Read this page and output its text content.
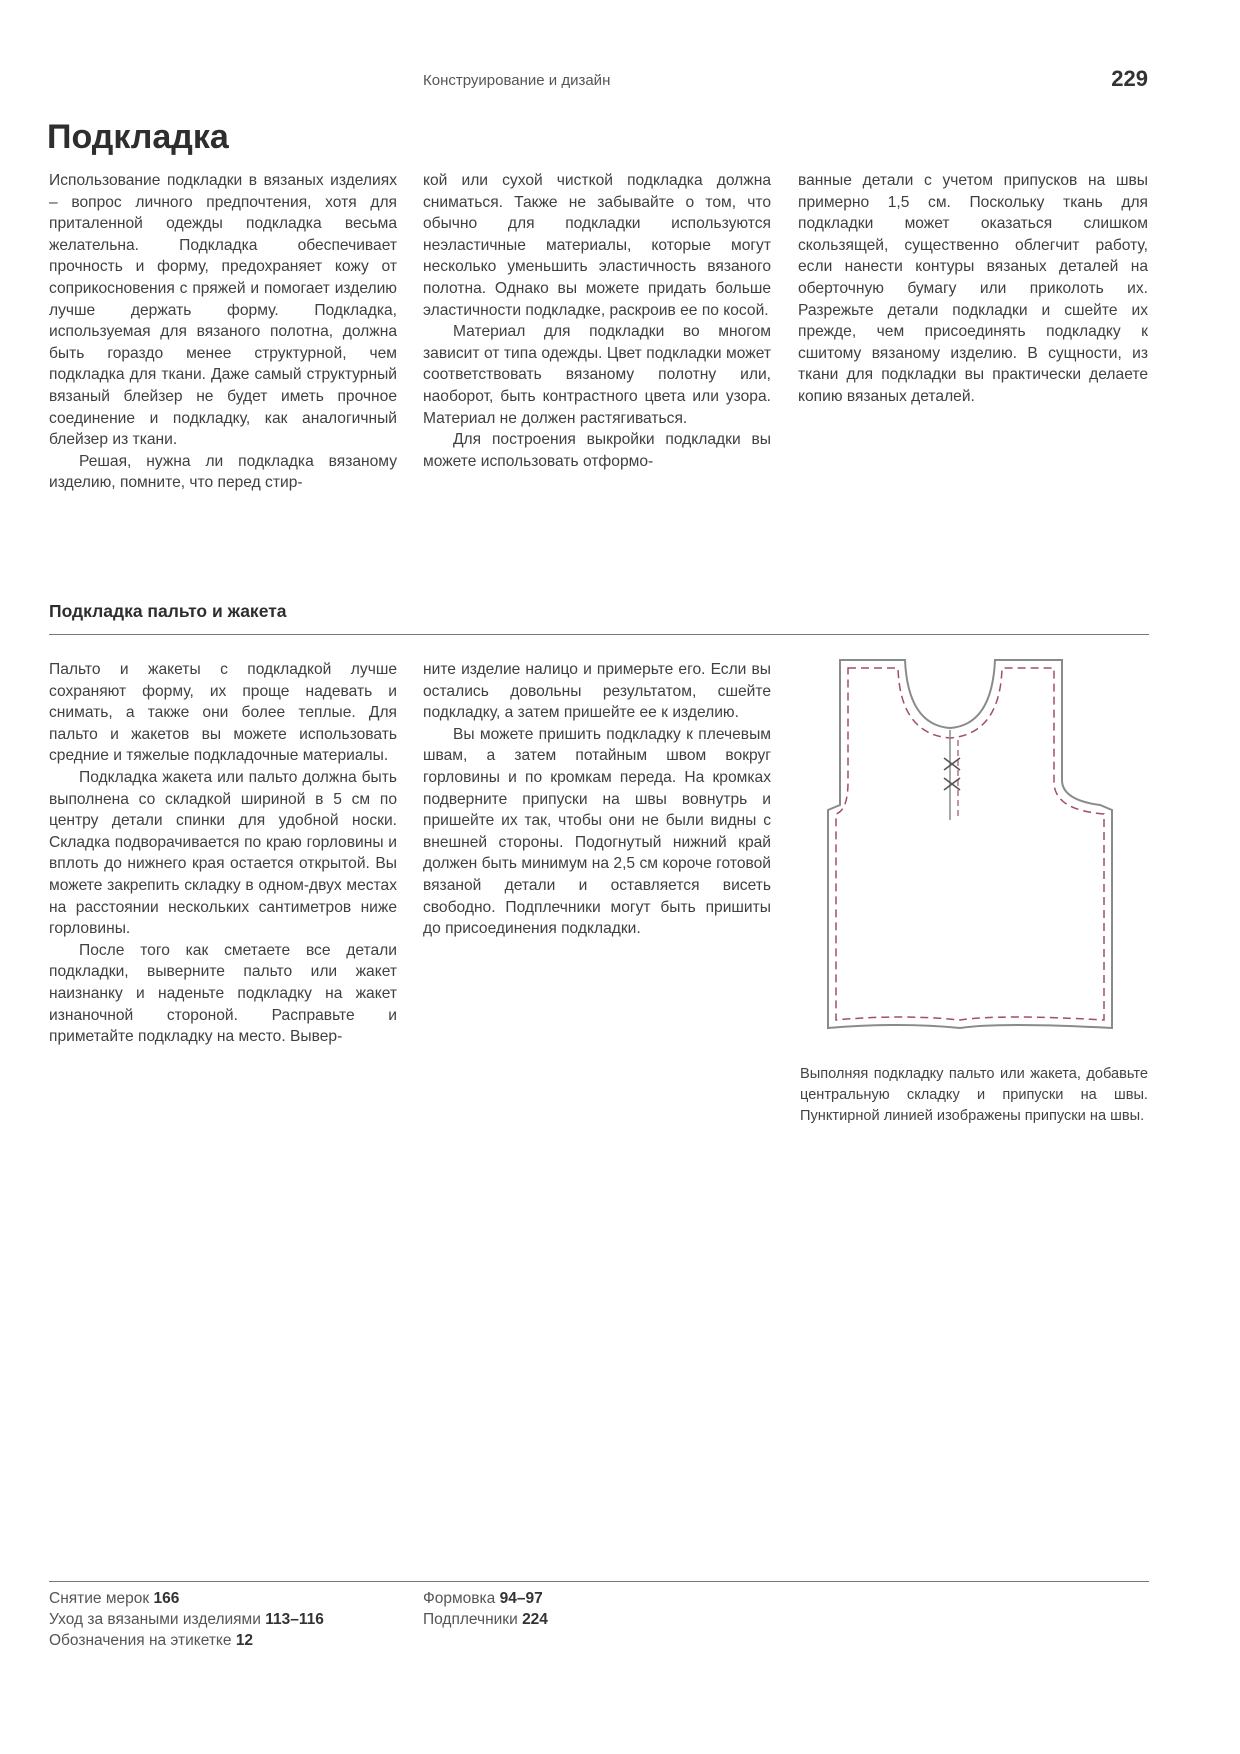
Конструирование и дизайн	229
Подкладка

Использование подкладки в вязаных изделиях – вопрос личного предпочтения, хотя для приталенной одежды подкладка весьма желательна. Подкладка обеспечивает прочность и форму, предохраняет кожу от соприкосновения с пряжей и помогает изделию лучше держать форму. Подкладка, используемая для вязаного полотна, должна быть гораздо менее структурной, чем подкладка для ткани. Даже самый структурный вязаный блейзер не будет иметь прочное соединение и подкладку, как аналогичный блейзер из ткани.

Решая, нужна ли подкладка вязаному изделию, помните, что перед стир-

кой или сухой чисткой подкладка должна сниматься. Также не забывайте о том, что обычно для подкладки используются неэластичные материалы, которые могут несколько уменьшить эластичность вязаного полотна. Однако вы можете придать больше эластичности подкладке, раскроив ее по косой.

Материал для подкладки во многом зависит от типа одежды. Цвет подкладки может соответствовать вязаному полотну или, наоборот, быть контрастного цвета или узора. Материал не должен растягиваться.

Для построения выкройки подкладки вы можете использовать отформо-

ванные детали с учетом припусков на швы примерно 1,5 см. Поскольку ткань для подкладки может оказаться слишком скользящей, существенно облегчит работу, если нанести контуры вязаных деталей на оберточную бумагу или приколоть их. Разрежьте детали подкладки и сшейте их прежде, чем присоединять подкладку к сшитому вязаному изделию. В сущности, из ткани для подкладки вы практически делаете копию вязаных деталей.

Подкладка пальто и жакета

Пальто и жакеты с подкладкой лучше сохраняют форму, их проще надевать и снимать, а также они более теплые. Для пальто и жакетов вы можете использовать средние и тяжелые подкладочные материалы.

Подкладка жакета или пальто должна быть выполнена со складкой шириной в 5 см по центру детали спинки для удобной носки. Складка подворачивается по краю горловины и вплоть до нижнего края остается открытой. Вы можете закрепить складку в одном-двух местах на расстоянии нескольких сантиметров ниже горловины.

После того как сметаете все детали подкладки, выверните пальто или жакет наизнанку и наденьте подкладку на жакет изнаночной стороной. Расправьте и приметайте подкладку на место. Вывер-

ните изделие налицо и примерьте его. Если вы остались довольны результатом, сшейте подкладку, а затем пришейте ее к изделию.

Вы можете пришить подкладку к плечевым швам, а затем потайным швом вокруг горловины и по кромкам переда. На кромках подверните припуски на швы вовнутрь и пришейте их так, чтобы они не были видны с внешней стороны. Подогнутый нижний край должен быть минимум на 2,5 см короче готовой вязаной детали и оставляется висеть свободно. Подплечники могут быть пришиты до присоединения подкладки.

Выполняя подкладку пальто или жакета, добавьте центральную складку и припуски на швы. Пунктирной линией изображены припуски на швы.
Снятие мерок 166
Уход за вязаными изделиями 113–116
Обозначения на этикетке 12
Формовка 94–97
Подплечники 224
